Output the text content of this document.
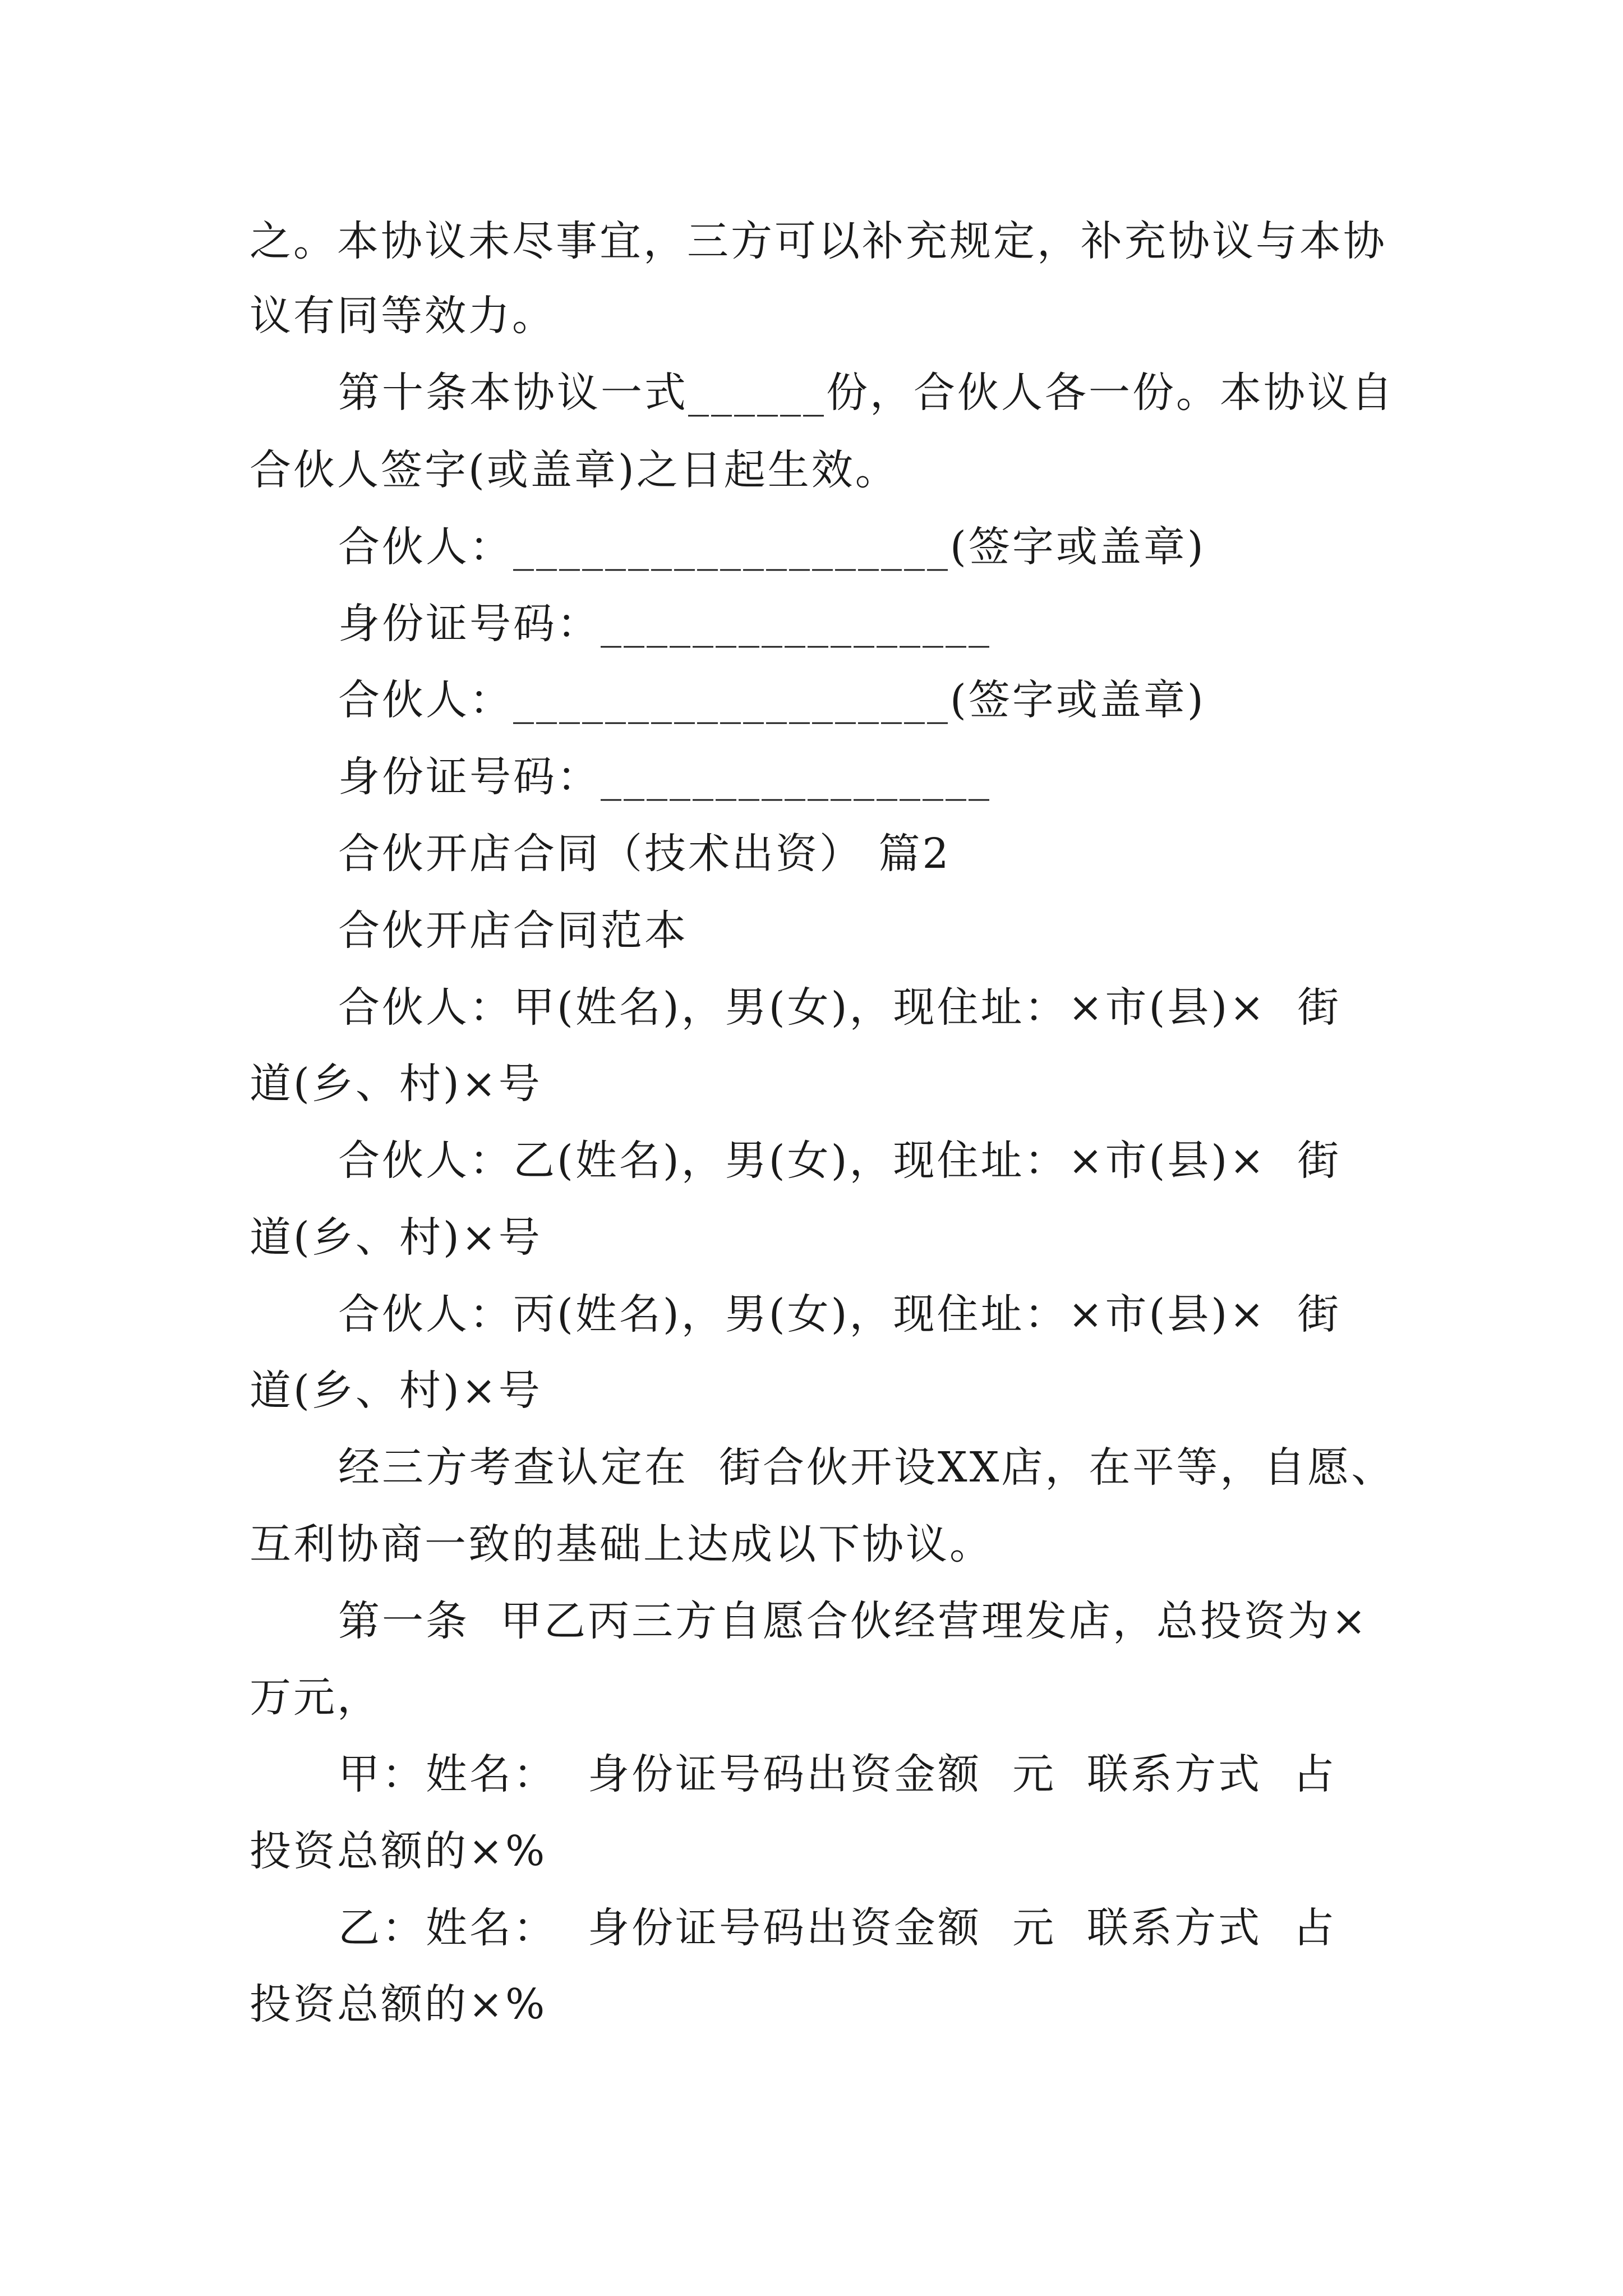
之。本协议未尽事宜，三方可以补充规定，补充协议与本协
议有同等效力。
第十条本协议一式______份，合伙人各一份。本协议自
合伙人签字(或盖章)之日起生效。
合伙人：___________________(签字或盖章)
身份证号码：_________________
合伙人：___________________(签字或盖章)
身份证号码：_________________
合伙开店合同（技术出资） 篇2
合伙开店合同范本
合伙人：甲(姓名)，男(女)，现住址：×市(县)×  街
道(乡、村)×号
合伙人：乙(姓名)，男(女)，现住址：×市(县)×  街
道(乡、村)×号
合伙人：丙(姓名)，男(女)，现住址：×市(县)×  街
道(乡、村)×号
经三方考查认定在  街合伙开设XX店，在平等，自愿、
互利协商一致的基础上达成以下协议。
第一条  甲乙丙三方自愿合伙经营理发店，总投资为×
万元，
甲：姓名：  身份证号码出资金额  元  联系方式  占
投资总额的×%
乙：姓名：  身份证号码出资金额  元  联系方式  占
投资总额的×%
